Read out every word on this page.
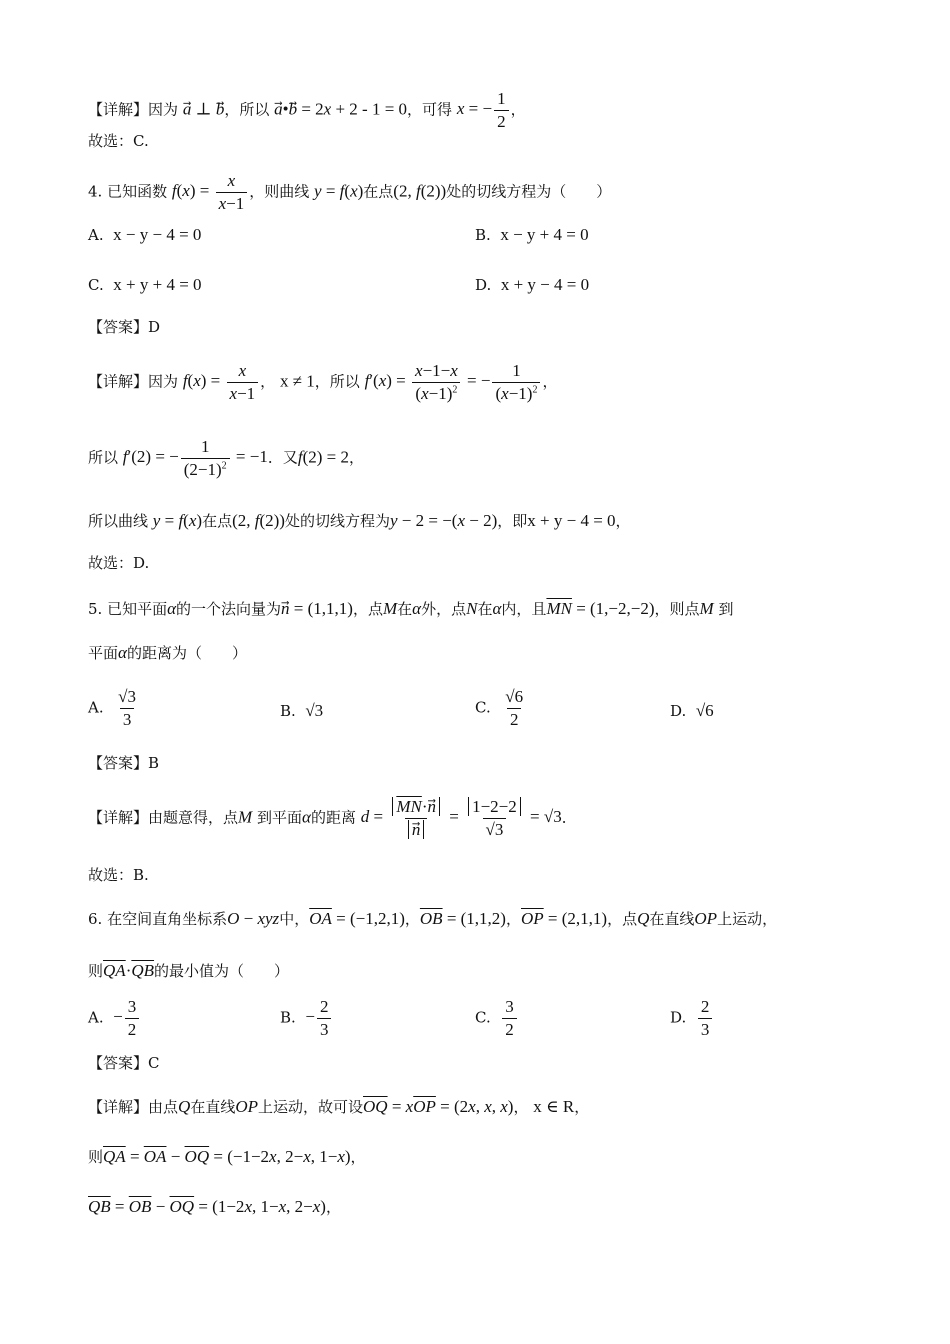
【详解】因为 a⃗ ⊥ b，所以 a⃗•b⃗ = 2x + 2 - 1 = 0，可得 x = − $\frac{1}{2}$ ，
故选：C.
4. 已知函数 $f(x) = \frac{x}{x-1}$ ，则曲线 y = f(x)在点(2, f(2))处的切线方程为（　　）
A. x − y − 4 = 0	B. x − y + 4 = 0
C. x + y + 4 = 0	D. x + y − 4 = 0
【答案】D
【详解】因为 $f(x) = \frac{x}{x-1}$ ， x ≠ 1，所以 $f'(x) = \frac{x-1-x}{(x-1)^2}$ = − $\frac{1}{(x-1)^2}$ ，
所以 f′(2) = − $\frac{1}{(2-1)^2} = -1$．又f(2) = 2，
所以曲线 y = f(x)在点(2, f(2))处的切线方程为y − 2 = −(x − 2)，即x + y − 4 = 0，
故选：D.
5. 已知平面α的一个法向量为n⃗ = (1,1,1)，点M在α外，点N在α内，且$\overline{MN} = (1,-2,-2)$，则点M 到
平面α的距离为（　　）
A. $\frac{√3}{3}$	B. √3	C. $\frac{√6}{2}$	D. √6
【答案】B
【详解】由题意得，点M 到平面α的距离 $d = \frac{\overline{MN}\cdot n}{n} = \frac{1-2-2}{√3} = √3$．
故选：B.
6. 在空间直角坐标系O − xyz中，$\overline{OA} = (-1,2,1)$，$\overline{OB} = (1,1,2)$，$\overline{OP} = (2,1,1)$，点Q在直线OP上运动，
则$\overline{QA}\cdot\overline{QB}$的最小值为（　　）
A. − $\frac{3}{2}$	B. − $\frac{2}{3}$	C. $\frac{3}{2}$	D. $\frac{2}{3}$
【答案】C
【详解】由点Q在直线OP上运动，故可设$\overline{OQ} = x\overline{OP} = (2x$, x, x)， x ∈ R，
则$\overline{QA} = \overline{OA} - \overline{OQ} = (-1-2x$, 2−x, 1−x)，
$\overline{QB} = \overline{OB} - \overline{OQ} = (1-2x$, 1−x, 2−x)，
